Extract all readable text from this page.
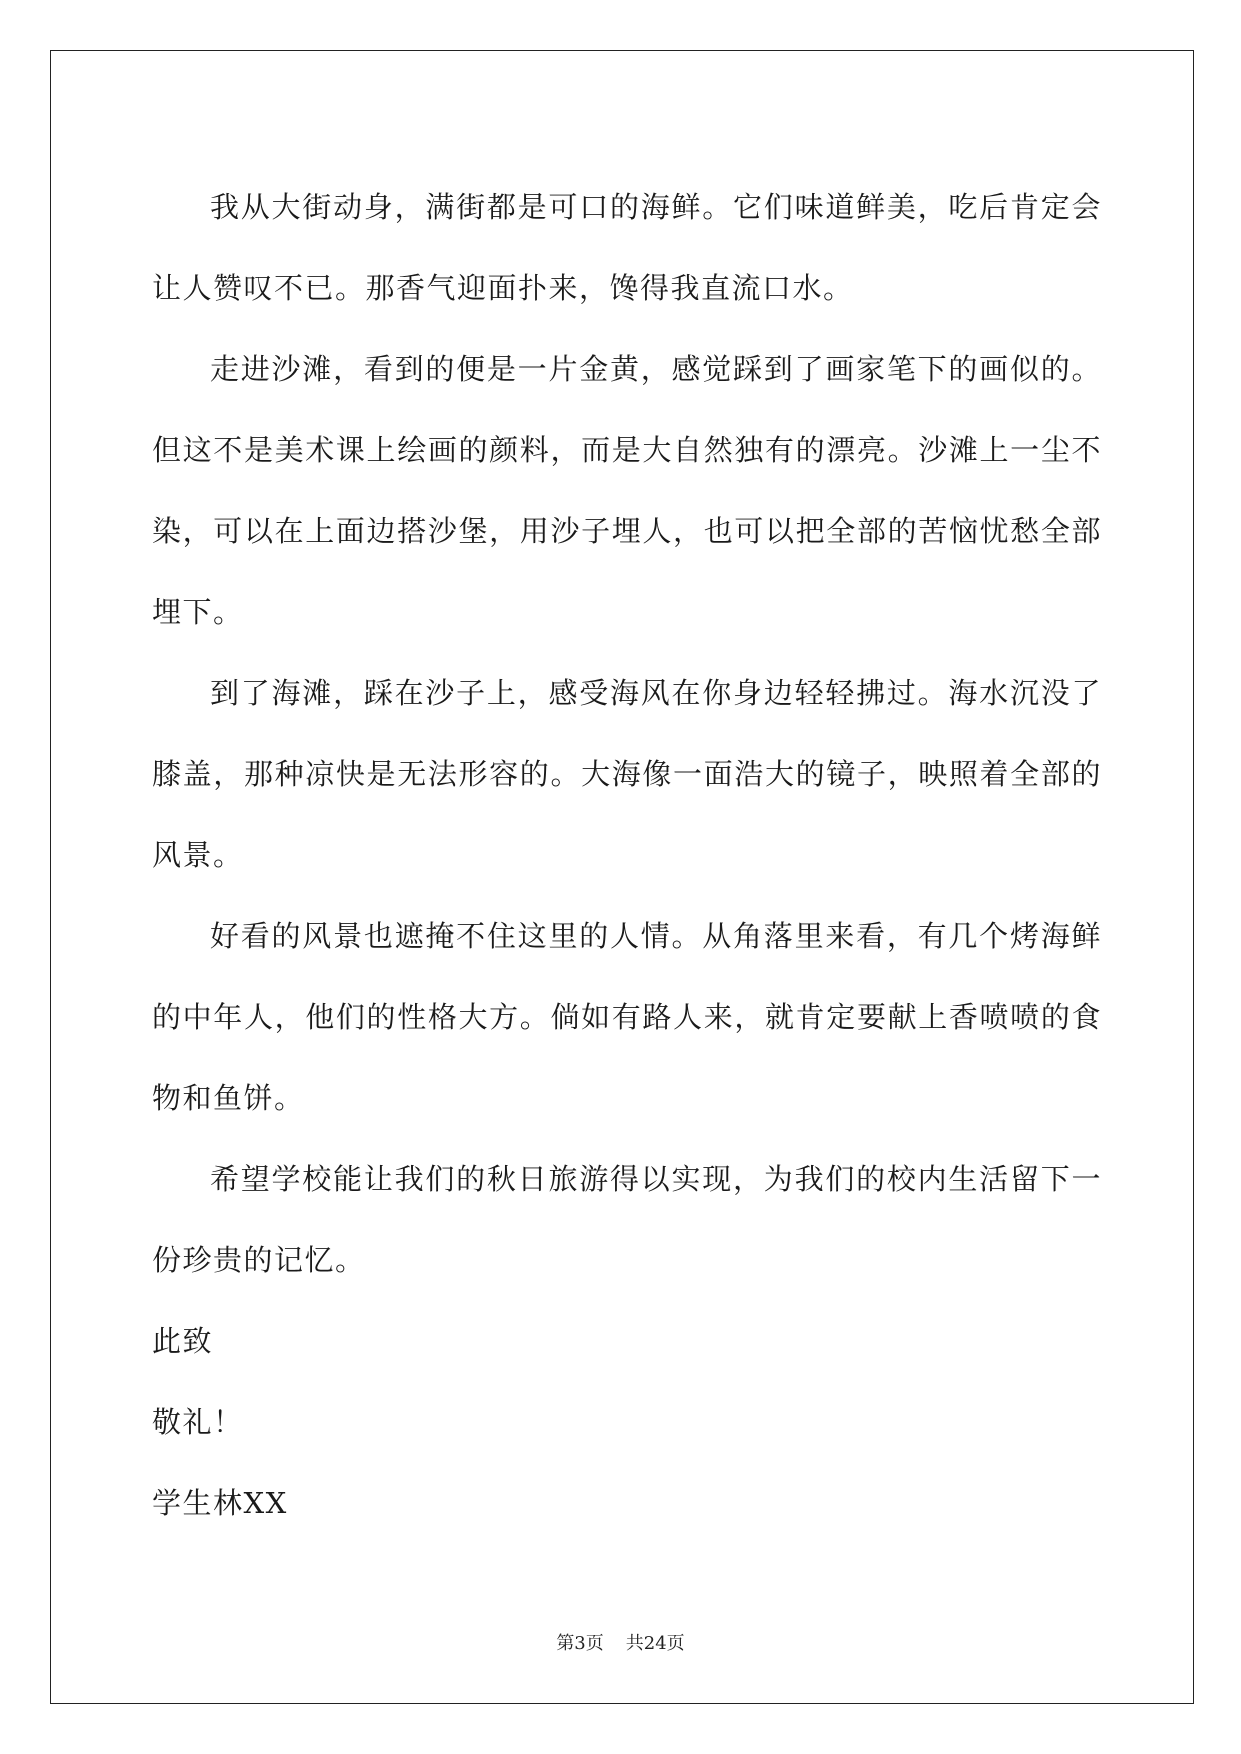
我从大街动身，满街都是可口的海鲜。它们味道鲜美，吃后肯定会让人赞叹不已。那香气迎面扑来，馋得我直流口水。

走进沙滩，看到的便是一片金黄，感觉踩到了画家笔下的画似的。但这不是美术课上绘画的颜料，而是大自然独有的漂亮。沙滩上一尘不染，可以在上面边搭沙堡，用沙子埋人，也可以把全部的苦恼忧愁全部埋下。

到了海滩，踩在沙子上，感受海风在你身边轻轻拂过。海水沉没了膝盖，那种凉快是无法形容的。大海像一面浩大的镜子，映照着全部的风景。

好看的风景也遮掩不住这里的人情。从角落里来看，有几个烤海鲜的中年人，他们的性格大方。倘如有路人来，就肯定要献上香喷喷的食物和鱼饼。

希望学校能让我们的秋日旅游得以实现，为我们的校内生活留下一份珍贵的记忆。

此致

敬礼！

学生林XX

第3页 共24页
